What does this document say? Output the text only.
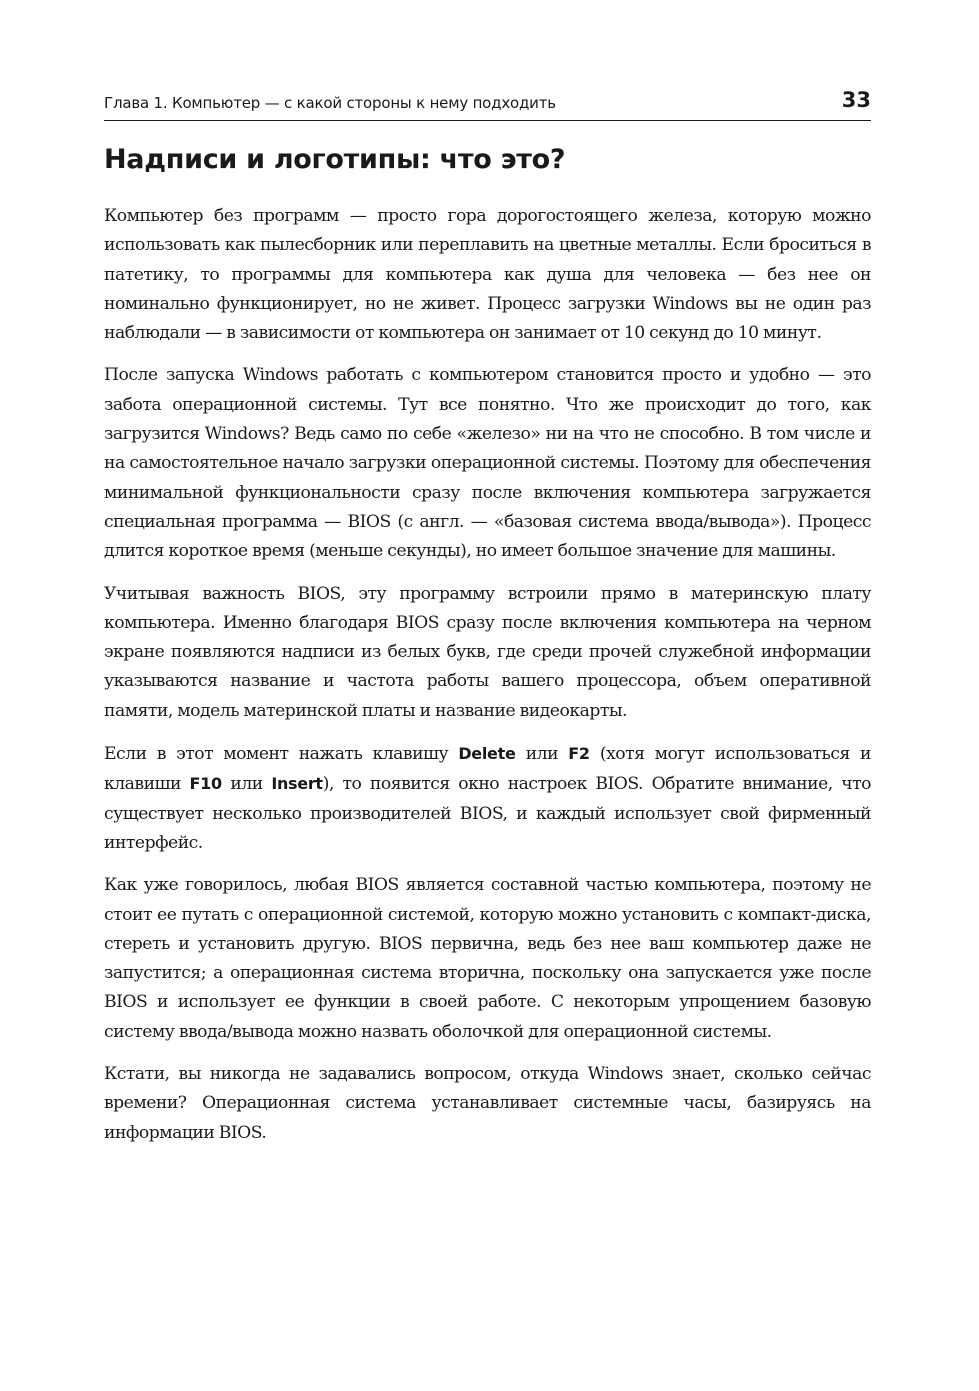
Глава 1. Компьютер — с какой стороны к нему подходить	33
Надписи и логотипы: что это?

Компьютер без программ — просто гора дорогостоящего железа, которую можно использовать как пылесборник или переплавить на цветные металлы. Если броситься в патетику, то программы для компьютера как душа для человека — без нее он номинально функционирует, но не живет. Процесс загрузки Windows вы не один раз наблюдали — в зависимости от компьютера он занимает от 10 секунд до 10 минут.

После запуска Windows работать с компьютером становится просто и удобно — это забота операционной системы. Тут все понятно. Что же происходит до того, как загрузится Windows? Ведь само по себе «железо» ни на что не способно. В том числе и на самостоятельное начало загрузки операционной системы. Поэтому для обеспечения минимальной функциональности сразу после включения компьютера загружается специальная программа — BIOS (с англ. — «базовая система ввода/вывода»). Процесс длится короткое время (меньше секунды), но имеет большое значение для машины.

Учитывая важность BIOS, эту программу встроили прямо в материнскую плату компьютера. Именно благодаря BIOS сразу после включения компьютера на черном экране появляются надписи из белых букв, где среди прочей служебной информации указываются название и частота работы вашего процессора, объем оперативной памяти, модель материнской платы и название видеокарты.

Если в этот момент нажать клавишу Delete или F2 (хотя могут использоваться и клавиши F10 или Insert), то появится окно настроек BIOS. Обратите внимание, что существует несколько производителей BIOS, и каждый использует свой фирменный интерфейс.

Как уже говорилось, любая BIOS является составной частью компьютера, поэтому не стоит ее путать с операционной системой, которую можно установить с компакт-диска, стереть и установить другую. BIOS первична, ведь без нее ваш компьютер даже не запустится; а операционная система вторична, поскольку она запускается уже после BIOS и использует ее функции в своей работе. С некоторым упрощением базовую систему ввода/вывода можно назвать оболочкой для операционной системы.

Кстати, вы никогда не задавались вопросом, откуда Windows знает, сколько сейчас времени? Операционная система устанавливает системные часы, базируясь на информации BIOS.
